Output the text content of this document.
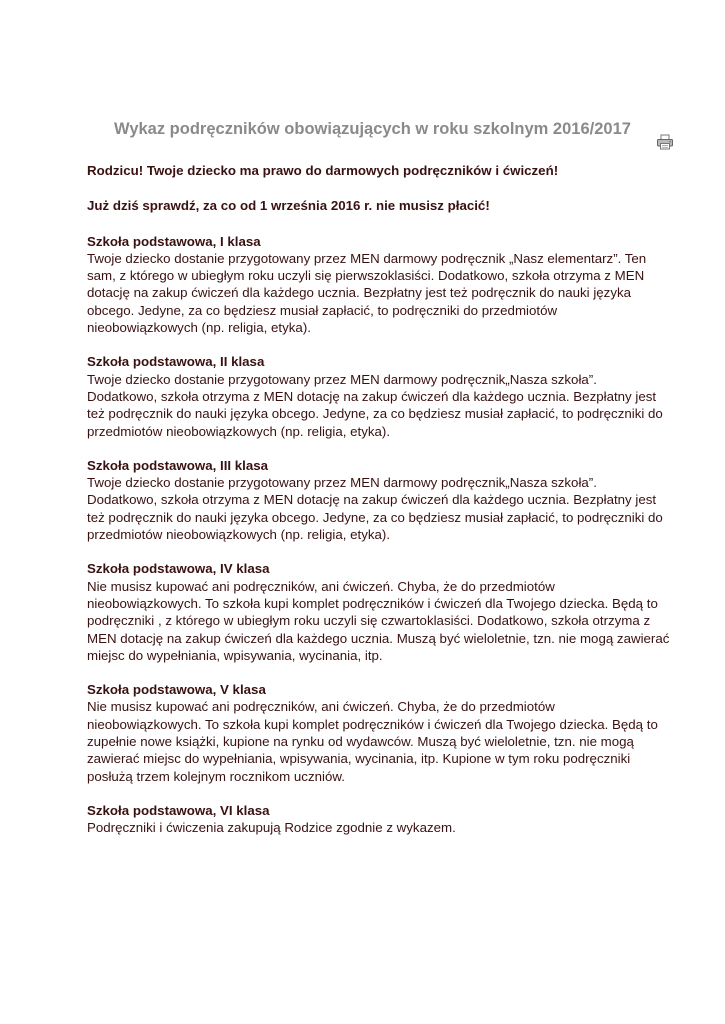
Wykaz podręczników obowiązujących w roku szkolnym 2016/2017

Rodzicu! Twoje dziecko ma prawo do darmowych podręczników i ćwiczeń!

Już dziś sprawdź, za co od 1 września 2016 r. nie musisz płacić!

Szkoła podstawowa, I klasa

Twoje dziecko dostanie przygotowany przez MEN darmowy podręcznik „Nasz elementarz”. Ten
sam, z którego w ubiegłym roku uczyli się pierwszoklasiści. Dodatkowo, szkoła otrzyma z MEN
dotację na zakup ćwiczeń dla każdego ucznia. Bezpłatny jest też podręcznik do nauki języka
obcego. Jedyne, za co będziesz musiał zapłacić, to podręczniki do przedmiotów
nieobowiązkowych (np. religia, etyka).

Szkoła podstawowa, II klasa

Twoje dziecko dostanie przygotowany przez MEN darmowy podręcznik„Nasza szkoła”.
Dodatkowo, szkoła otrzyma z MEN dotację na zakup ćwiczeń dla każdego ucznia. Bezpłatny jest
też podręcznik do nauki języka obcego. Jedyne, za co będziesz musiał zapłacić, to podręczniki do
przedmiotów nieobowiązkowych (np. religia, etyka).

Szkoła podstawowa, III klasa

Twoje dziecko dostanie przygotowany przez MEN darmowy podręcznik„Nasza szkoła”.
Dodatkowo, szkoła otrzyma z MEN dotację na zakup ćwiczeń dla każdego ucznia. Bezpłatny jest
też podręcznik do nauki języka obcego. Jedyne, za co będziesz musiał zapłacić, to podręczniki do
przedmiotów nieobowiązkowych (np. religia, etyka).

Szkoła podstawowa, IV klasa

Nie musisz kupować ani podręczników, ani ćwiczeń. Chyba, że do przedmiotów
nieobowiązkowych. To szkoła kupi komplet podręczników i ćwiczeń dla Twojego dziecka. Będą to
podręczniki , z którego w ubiegłym roku uczyli się czwartoklasiści. Dodatkowo, szkoła otrzyma z
MEN dotację na zakup ćwiczeń dla każdego ucznia. Muszą być wieloletnie, tzn. nie mogą zawierać
miejsc do wypełniania, wpisywania, wycinania, itp.

Szkoła podstawowa, V klasa

Nie musisz kupować ani podręczników, ani ćwiczeń. Chyba, że do przedmiotów
nieobowiązkowych. To szkoła kupi komplet podręczników i ćwiczeń dla Twojego dziecka. Będą to
zupełnie nowe książki, kupione na rynku od wydawców. Muszą być wieloletnie, tzn. nie mogą
zawierać miejsc do wypełniania, wpisywania, wycinania, itp. Kupione w tym roku podręczniki
posłużą trzem kolejnym rocznikom uczniów.

Szkoła podstawowa, VI klasa

Podręczniki i ćwiczenia zakupują Rodzice zgodnie z wykazem.
